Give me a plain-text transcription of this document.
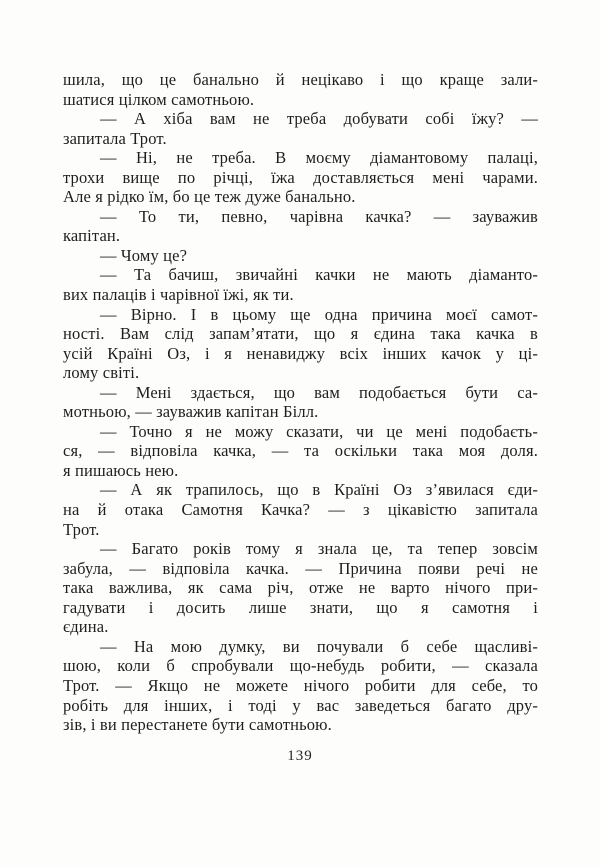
шила, що це банально й нецікаво і що краще зали-
шатися цілком самотньою.
— А хіба вам не треба добувати собі їжу? —
запитала Трот.
— Ні, не треба. В моєму діамантовому палаці,
трохи вище по річці, їжа доставляється мені чарами.
Але я рідко їм, бо це теж дуже банально.
— То ти, певно, чарівна качка? — зауважив
капітан.
— Чому це?
— Та бачиш, звичайні качки не мають діаманто-
вих палаців і чарівної їжі, як ти.
— Вірно. І в цьому ще одна причина моєї самот-
ності. Вам слід запам’ятати, що я єдина така качка в
усій Країні Оз, і я ненавиджу всіх інших качок у ці-
лому світі.
— Мені здається, що вам подобається бути са-
мотньою, — зауважив капітан Білл.
— Точно я не можу сказати, чи це мені подобаєть-
ся, — відповіла качка, — та оскільки така моя доля.
я пишаюсь нею.
— А як трапилось, що в Країні Оз з’явилася єди-
на й отака Самотня Качка? — з цікавістю запитала
Трот.
— Багато років тому я знала це, та тепер зовсім
забула, — відповіла качка. — Причина появи речі не
така важлива, як сама річ, отже не варто нічого при-
гадувати і досить лише знати, що я самотня і
єдина.
— На мою думку, ви почували б себе щасливі-
шою, коли б спробували що-небудь робити, — сказала
Трот. — Якщо не можете нічого робити для себе, то
робіть для інших, і тоді у вас заведеться багато дру-
зів, і ви перестанете бути самотньою.
139
